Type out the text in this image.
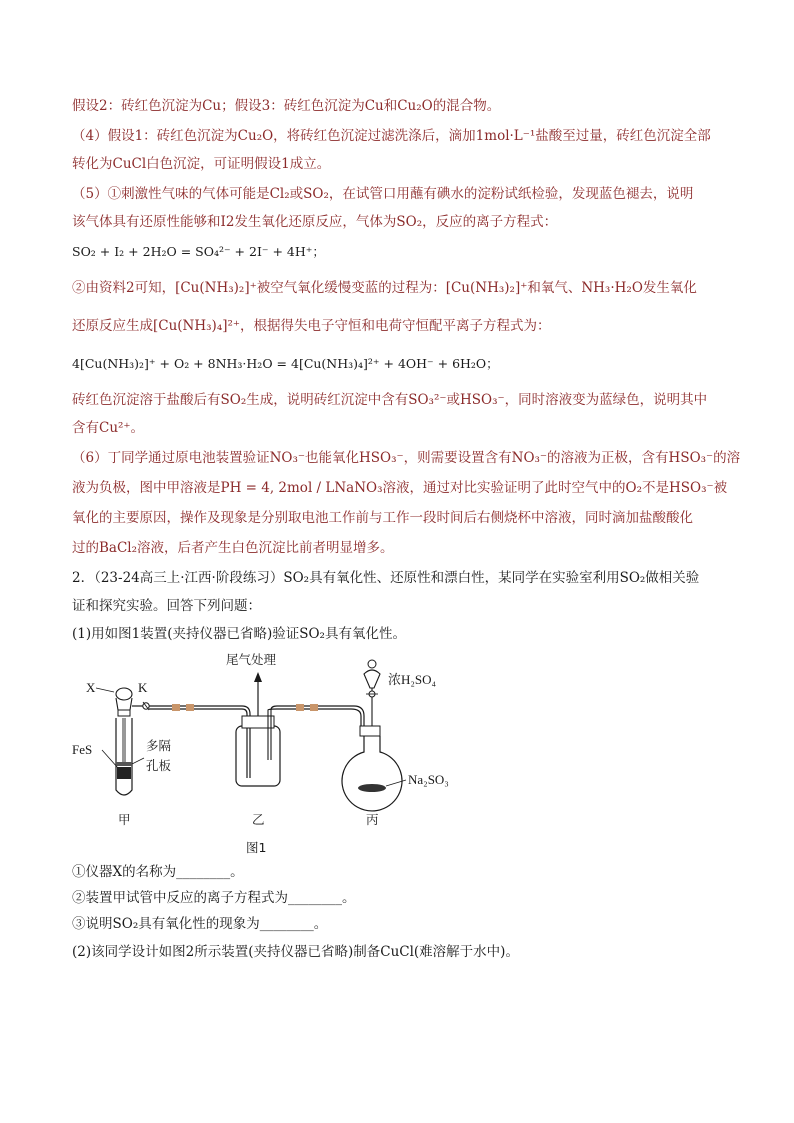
假设2：砖红色沉淀为Cu；假设3：砖红色沉淀为Cu和Cu₂O的混合物。
（4）假设1：砖红色沉淀为Cu₂O，将砖红色沉淀过滤洗涤后，滴加1mol·L⁻¹盐酸至过量，砖红色沉淀全部
转化为CuCl白色沉淀，可证明假设1成立。
（5）①刺激性气味的气体可能是Cl₂或SO₂，在试管口用蘸有碘水的淀粉试纸检验，发现蓝色褪去，说明
该气体具有还原性能够和I2发生氧化还原反应，气体为SO₂，反应的离子方程式：
SO₂ + I₂ + 2H₂O = SO₄²⁻ + 2I⁻ + 4H⁺；
②由资料2可知，[Cu(NH₃)₂]⁺被空气氧化缓慢变蓝的过程为：[Cu(NH₃)₂]⁺和氧气、NH₃·H₂O发生氧化
还原反应生成[Cu(NH₃)₄]²⁺，根据得失电子守恒和电荷守恒配平离子方程式为：
4[Cu(NH₃)₂]⁺ + O₂ + 8NH₃·H₂O = 4[Cu(NH₃)₄]²⁺ + 4OH⁻ + 6H₂O；
砖红色沉淀溶于盐酸后有SO₂生成，说明砖红沉淀中含有SO₃²⁻或HSO₃⁻，同时溶液变为蓝绿色，说明其中
含有Cu²⁺。
（6）丁同学通过原电池装置验证NO₃⁻也能氧化HSO₃⁻，则需要设置含有NO₃⁻的溶液为正极，含有HSO₃⁻的溶
液为负极，图中甲溶液是PH = 4, 2mol / LNaNO₃溶液，通过对比实验证明了此时空气中的O₂不是HSO₃⁻被
氧化的主要原因，操作及现象是分别取电池工作前与工作一段时间后右侧烧杯中溶液，同时滴加盐酸酸化
过的BaCl₂溶液，后者产生白色沉淀比前者明显增多。
2．（23-24高三上·江西·阶段练习）SO₂具有氧化性、还原性和漂白性，某同学在实验室利用SO₂做相关验
证和探究实验。回答下列问题：
(1)用如图1装置(夹持仪器已省略)验证SO₂具有氧化性。
尾气处理
X	K
FeS	多隔
孔板
浓H₂SO₄
Na₂SO₃
甲	乙	丙
图1
①仪器X的名称为________。
②装置甲试管中反应的离子方程式为________。
③说明SO₂具有氧化性的现象为________。
(2)该同学设计如图2所示装置(夹持仪器已省略)制备CuCl(难溶解于水中)。
